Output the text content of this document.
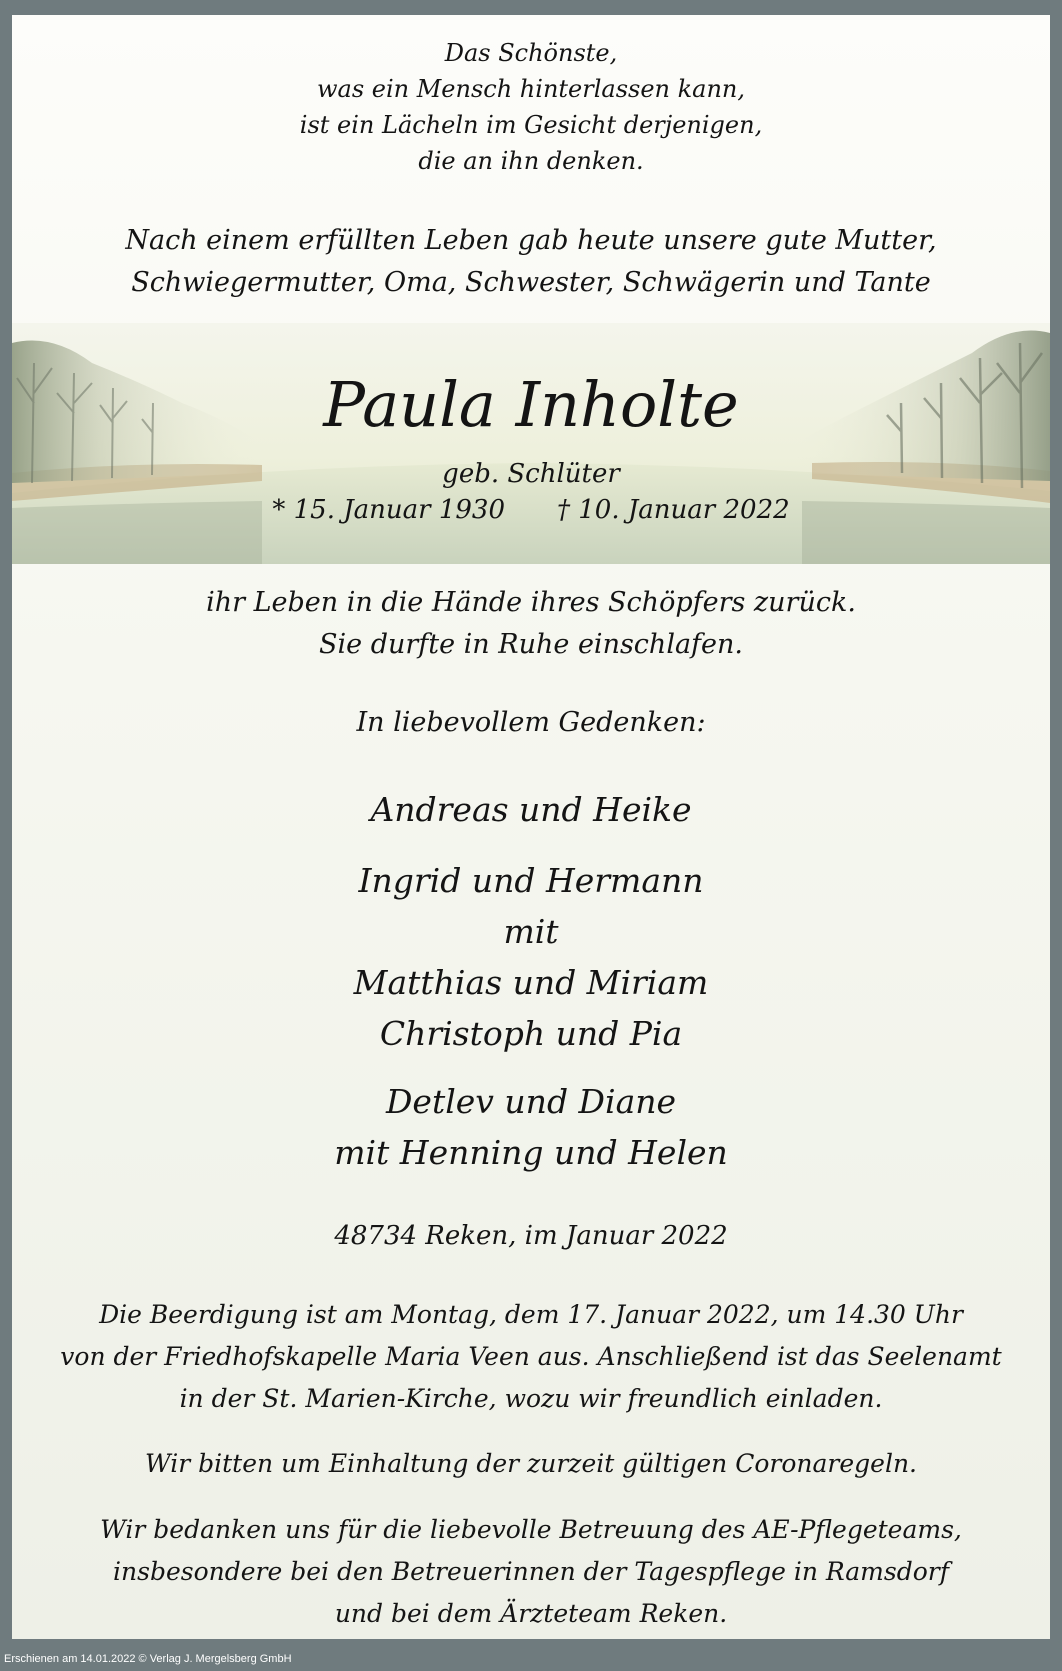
Das Schönste,
was ein Mensch hinterlassen kann,
ist ein Lächeln im Gesicht derjenigen,
die an ihn denken.
Nach einem erfüllten Leben gab heute unsere gute Mutter,
Schwiegermutter, Oma, Schwester, Schwägerin und Tante
Paula Inholte
geb. Schlüter
* 15. Januar 1930 † 10. Januar 2022
ihr Leben in die Hände ihres Schöpfers zurück.
Sie durfte in Ruhe einschlafen.
In liebevollem Gedenken:
Andreas und Heike
Ingrid und Hermann
mit
Matthias und Miriam
Christoph und Pia
Detlev und Diane
mit Henning und Helen
48734 Reken, im Januar 2022
Die Beerdigung ist am Montag, dem 17. Januar 2022, um 14.30 Uhr
von der Friedhofskapelle Maria Veen aus. Anschließend ist das Seelenamt
in der St. Marien-Kirche, wozu wir freundlich einladen.
Wir bitten um Einhaltung der zurzeit gültigen Coronaregeln.
Wir bedanken uns für die liebevolle Betreuung des AE-Pflegeteams,
insbesondere bei den Betreuerinnen der Tagespflege in Ramsdorf
und bei dem Ärzteteam Reken.
Erschienen am 14.01.2022 © Verlag J. Mergelsberg GmbH
